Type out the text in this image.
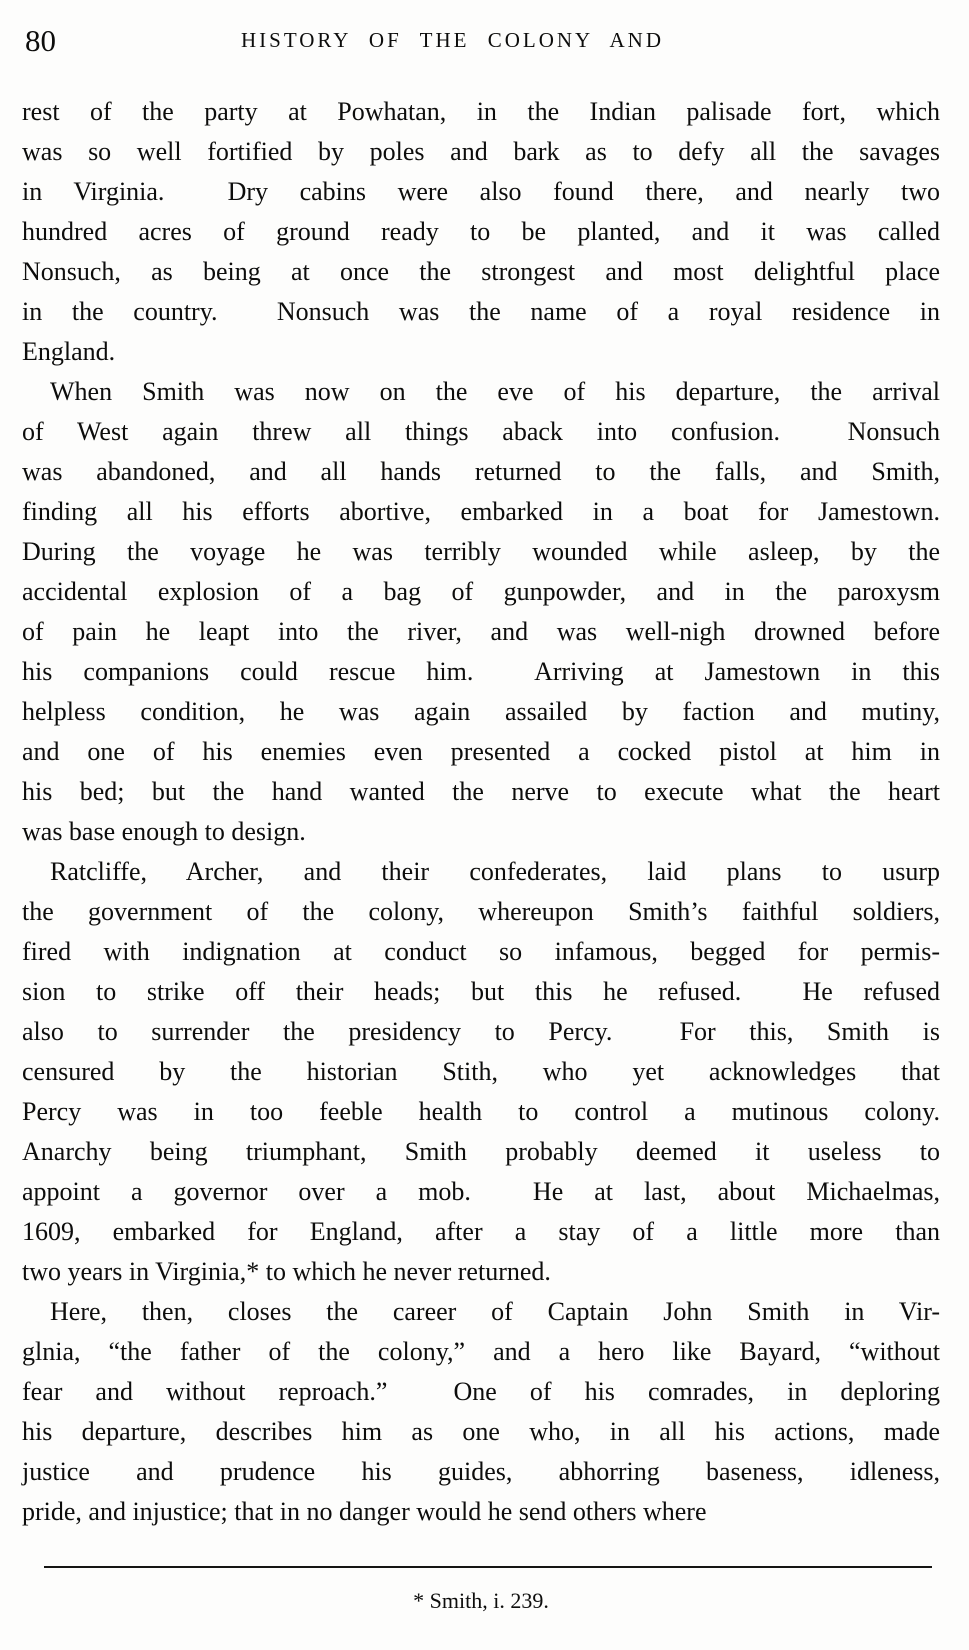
80	HISTORY OF THE COLONY AND
rest of the party at Powhatan, in the Indian palisade fort, which
was so well fortified by poles and bark as to defy all the savages
in Virginia.  Dry cabins were also found there, and nearly two
hundred acres of ground ready to be planted, and it was called
Nonsuch, as being at once the strongest and most delightful place
in the country.  Nonsuch was the name of a royal residence in
England.
When Smith was now on the eve of his departure, the arrival
of West again threw all things aback into confusion.  Nonsuch
was abandoned, and all hands returned to the falls, and Smith,
finding all his efforts abortive, embarked in a boat for Jamestown.
During the voyage he was terribly wounded while asleep, by the
accidental explosion of a bag of gunpowder, and in the paroxysm
of pain he leapt into the river, and was well-nigh drowned before
his companions could rescue him.  Arriving at Jamestown in this
helpless condition, he was again assailed by faction and mutiny,
and one of his enemies even presented a cocked pistol at him in
his bed; but the hand wanted the nerve to execute what the heart
was base enough to design.
Ratcliffe, Archer, and their confederates, laid plans to usurp
the government of the colony, whereupon Smith’s faithful soldiers,
fired with indignation at conduct so infamous, begged for permis-
sion to strike off their heads; but this he refused.  He refused
also to surrender the presidency to Percy.  For this, Smith is
censured by the historian Stith, who yet acknowledges that
Percy was in too feeble health to control a mutinous colony.
Anarchy being triumphant, Smith probably deemed it useless to
appoint a governor over a mob.  He at last, about Michaelmas,
1609, embarked for England, after a stay of a little more than
two years in Virginia,* to which he never returned.
Here, then, closes the career of Captain John Smith in Vir-
glnia, “the father of the colony,” and a hero like Bayard, “without
fear and without reproach.”  One of his comrades, in deploring
his departure, describes him as one who, in all his actions, made
justice and prudence his guides, abhorring baseness, idleness,
pride, and injustice; that in no danger would he send others where
* Smith, i. 239.
